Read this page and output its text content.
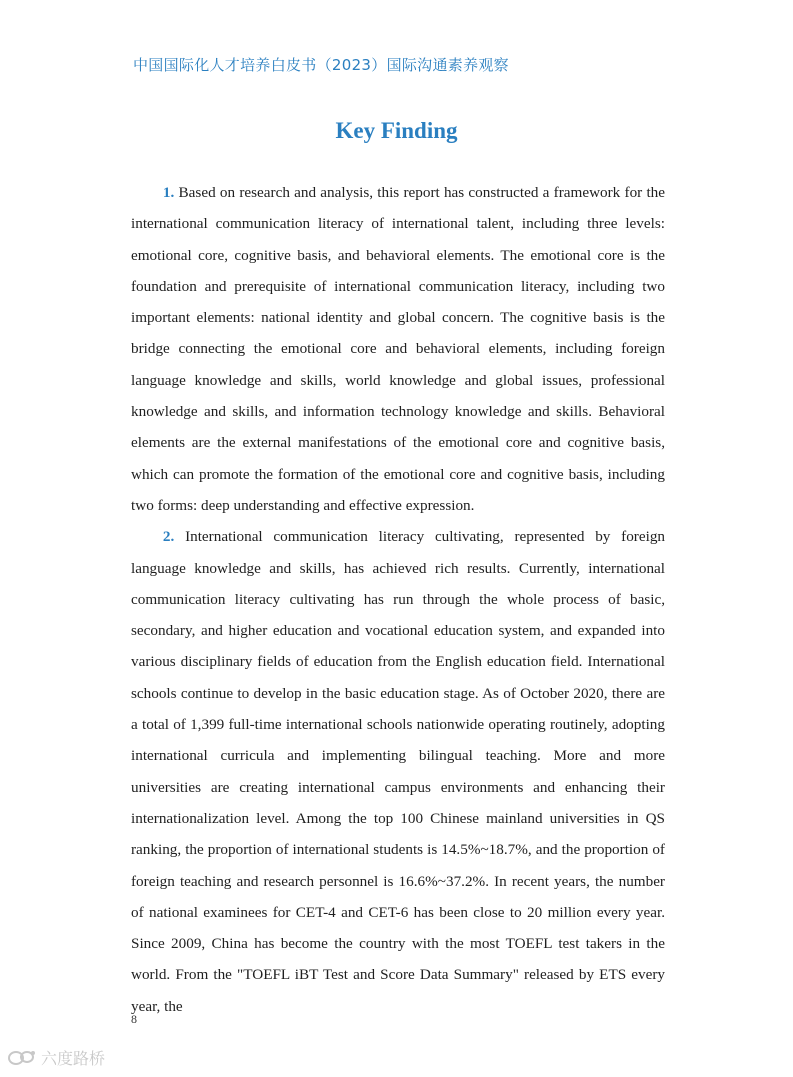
中国国际化人才培养白皮书（2023）国际沟通素养观察
Key Finding

1. Based on research and analysis, this report has constructed a framework for the international communication literacy of international talent, including three levels: emotional core, cognitive basis, and behavioral elements. The emotional core is the foundation and prerequisite of international communication literacy, including two important elements: national identity and global concern. The cognitive basis is the bridge connecting the emotional core and behavioral elements, including foreign language knowledge and skills, world knowledge and global issues, professional knowledge and skills, and information technology knowledge and skills. Behavioral elements are the external manifestations of the emotional core and cognitive basis, which can promote the formation of the emotional core and cognitive basis, including two forms: deep understanding and effective expression.

2. International communication literacy cultivating, represented by foreign language knowledge and skills, has achieved rich results. Currently, international communication literacy cultivating has run through the whole process of basic, secondary, and higher education and vocational education system, and expanded into various disciplinary fields of education from the English education field. International schools continue to develop in the basic education stage. As of October 2020, there are a total of 1,399 full-time international schools nationwide operating routinely, adopting international curricula and implementing bilingual teaching. More and more universities are creating international campus environments and enhancing their internationalization level. Among the top 100 Chinese mainland universities in QS ranking, the proportion of international students is 14.5%~18.7%, and the proportion of foreign teaching and research personnel is 16.6%~37.2%. In recent years, the number of national examinees for CET-4 and CET-6 has been close to 20 million every year. Since 2009, China has become the country with the most TOEFL test takers in the world. From the "TOEFL iBT Test and Score Data Summary" released by ETS every year, the

8
六度路桥
